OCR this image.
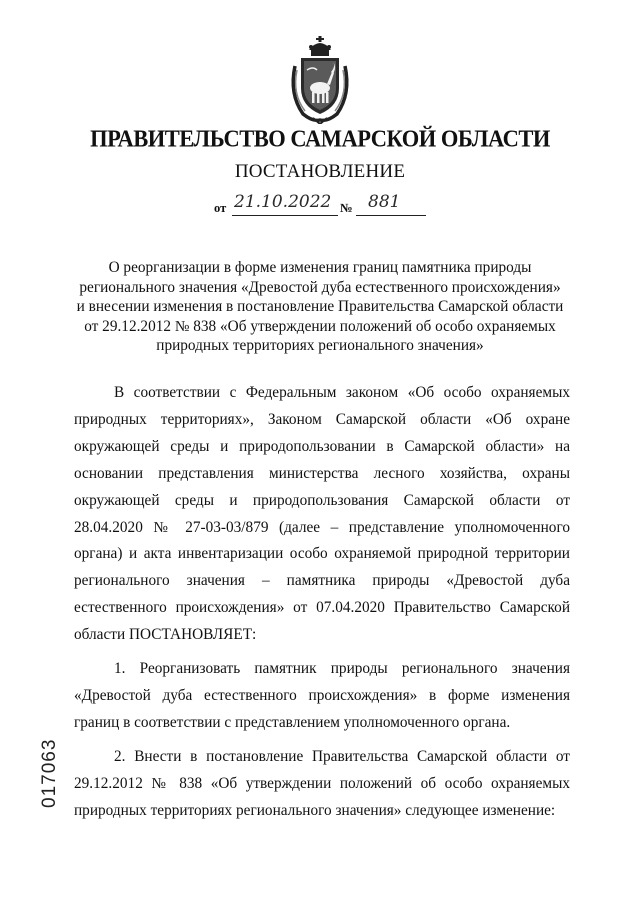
ПРАВИТЕЛЬСТВО САМАРСКОЙ ОБЛАСТИ
ПОСТАНОВЛЕНИЕ
от 21.10.2022 № 881
О реорганизации в форме изменения границ памятника природы
регионального значения «Древостой дуба естественного происхождения»
и внесении изменения в постановление Правительства Самарской области
от 29.12.2012 № 838 «Об утверждении положений об особо охраняемых
природных территориях регионального значения»

В соответствии с Федеральным законом «Об особо охраняемых природных территориях», Законом Самарской области «Об охране окружающей среды и природопользовании в Самарской области» на основании представления министерства лесного хозяйства, охраны окружающей среды и природопользования Самарской области от 28.04.2020 № 27-03-03/879 (далее – представление уполномоченного органа) и акта инвентаризации особо охраняемой природной территории регионального значения – памятника природы «Древостой дуба естественного происхождения» от 07.04.2020 Правительство Самарской области ПОСТАНОВЛЯЕТ:

1. Реорганизовать памятник природы регионального значения «Древостой дуба естественного происхождения» в форме изменения границ в соответствии с представлением уполномоченного органа.

2. Внести в постановление Правительства Самарской области от 29.12.2012 № 838 «Об утверждении положений об особо охраняемых природных территориях регионального значения» следующее изменение:

017063
